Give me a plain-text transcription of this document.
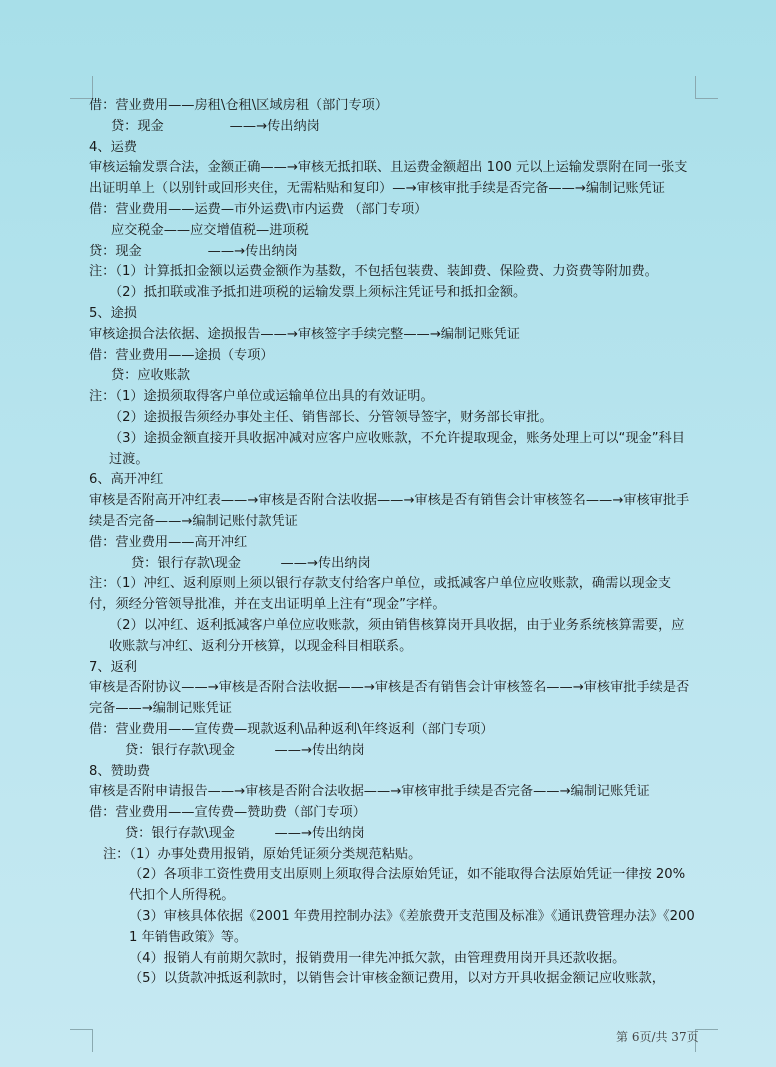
借：营业费用——房租\仓租\区域房租（部门专项）
贷：现金　　　　　——→传出纳岗
4、运费
审核运输发票合法，金额正确——→审核无抵扣联、且运费金额超出 100 元以上运输发票附在同一张支出证明单上（以别针或回形夹住，无需粘贴和复印）—→审核审批手续是否完备——→编制记账凭证
借：营业费用——运费—市外运费\市内运费 （部门专项）
应交税金——应交增值税—进项税
贷：现金　　　　　——→传出纳岗
注：（1）计算抵扣金额以运费金额作为基数，不包括包装费、装卸费、保险费、力资费等附加费。
（2）抵扣联或准予抵扣进项税的运输发票上须标注凭证号和抵扣金额。
5、途损
审核途损合法依据、途损报告——→审核签字手续完整——→编制记账凭证
借：营业费用——途损（专项）
贷：应收账款
注：（1）途损须取得客户单位或运输单位出具的有效证明。
（2）途损报告须经办事处主任、销售部长、分管领导签字，财务部长审批。
（3）途损金额直接开具收据冲减对应客户应收账款，不允许提取现金，账务处理上可以“现金”科目过渡。
6、高开冲红
审核是否附高开冲红表——→审核是否附合法收据——→审核是否有销售会计审核签名——→审核审批手续是否完备——→编制记账付款凭证
借：营业费用——高开冲红
贷：银行存款\现金　　　——→传出纳岗
注：（1）冲红、返利原则上须以银行存款支付给客户单位，或抵减客户单位应收账款，确需以现金支付，须经分管领导批准，并在支出证明单上注有“现金”字样。
（2）以冲红、返利抵减客户单位应收账款，须由销售核算岗开具收据，由于业务系统核算需要，应收账款与冲红、返利分开核算，以现金科目相联系。
7、返利
审核是否附协议——→审核是否附合法收据——→审核是否有销售会计审核签名——→审核审批手续是否完备——→编制记账凭证
借：营业费用——宣传费—现款返利\品种返利\年终返利（部门专项）
贷：银行存款\现金　　　——→传出纳岗
8、赞助费
审核是否附申请报告——→审核是否附合法收据——→审核审批手续是否完备——→编制记账凭证
借：营业费用——宣传费—赞助费（部门专项）
贷：银行存款\现金　　　——→传出纳岗
注：（1）办事处费用报销，原始凭证须分类规范粘贴。
（2）各项非工资性费用支出原则上须取得合法原始凭证，如不能取得合法原始凭证一律按 20%代扣个人所得税。
（3）审核具体依据《2001 年费用控制办法》《差旅费开支范围及标准》《通讯费管理办法》《2001 年销售政策》等。
（4）报销人有前期欠款时，报销费用一律先冲抵欠款，由管理费用岗开具还款收据。
（5）以货款冲抵返利款时，以销售会计审核金额记费用，以对方开具收据金额记应收账款，
第 6页/共 37页
